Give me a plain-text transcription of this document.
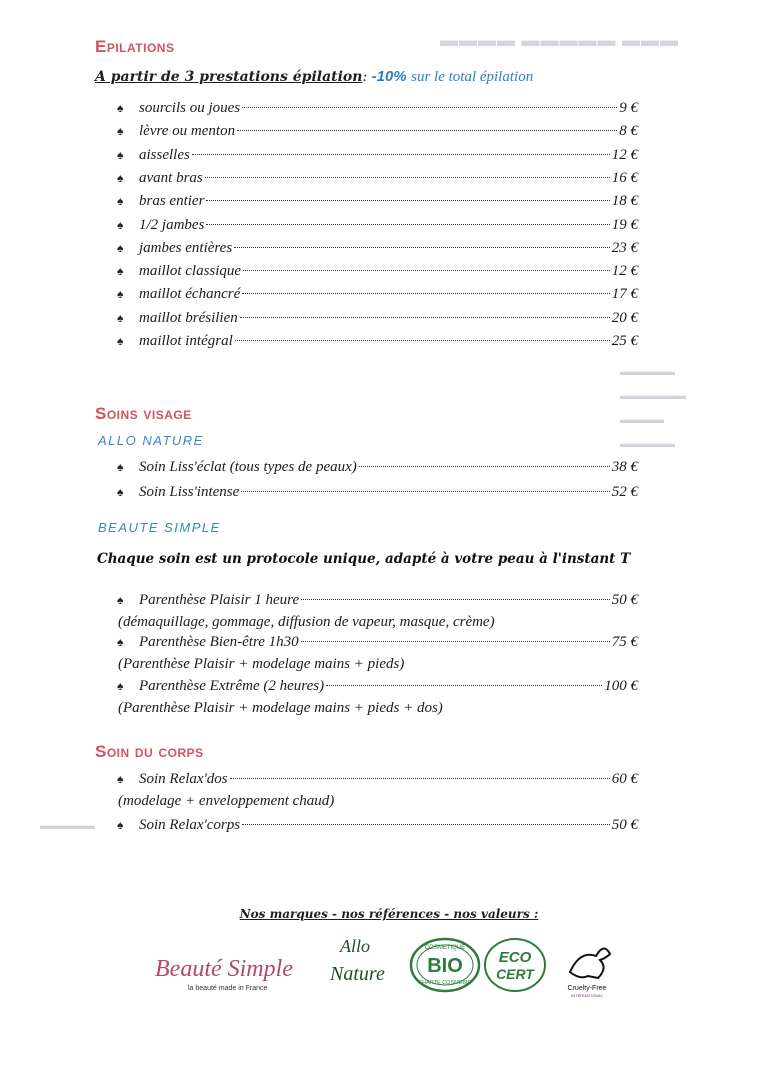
▬▬▬▬ ▬▬▬▬▬ ▬▬▬
▬▬▬▬▬
▬▬▬▬▬▬
▬▬▬▬
▬▬▬▬▬
▬▬▬▬▬
Epilations
A partir de 3 prestations épilation: -10% sur le total épilation
♠	sourcils ou joues	9 €
♠	lèvre ou menton	8 €
♠	aisselles	12 €
♠	avant bras	16 €
♠	bras entier	18 €
♠	1/2 jambes	19 €
♠	jambes entières	23 €
♠	maillot classique	12 €
♠	maillot échancré	17 €
♠	maillot brésilien	20 €
♠	maillot intégral	25 €
Soins visage
ALLO NATURE
♠	Soin Liss'éclat (tous types de peaux)	38 €
♠	Soin Liss'intense	52 €
BEAUTE SIMPLE
Chaque soin est un protocole unique, adapté à votre peau à l'instant T
♠	Parenthèse Plaisir 1 heure	50 €
(démaquillage, gommage, diffusion de vapeur, masque, crème)
♠	Parenthèse Bien-être 1h30	75 €
(Parenthèse Plaisir + modelage mains + pieds)
♠	Parenthèse Extrême (2 heures)	100 €
(Parenthèse Plaisir + modelage mains + pieds + dos)
Soin du corps
♠	Soin Relax'dos	60 €
(modelage + enveloppement chaud)
♠	Soin Relax'corps	50 €
Nos marques - nos références - nos valeurs :
Beauté Simple
la beauté made in France
Allo
Nature
COSMETIQUE
BIO
CHARTE COSMEBIO
ECO
CERT
Cruelty-Free
INTERNATIONAL
